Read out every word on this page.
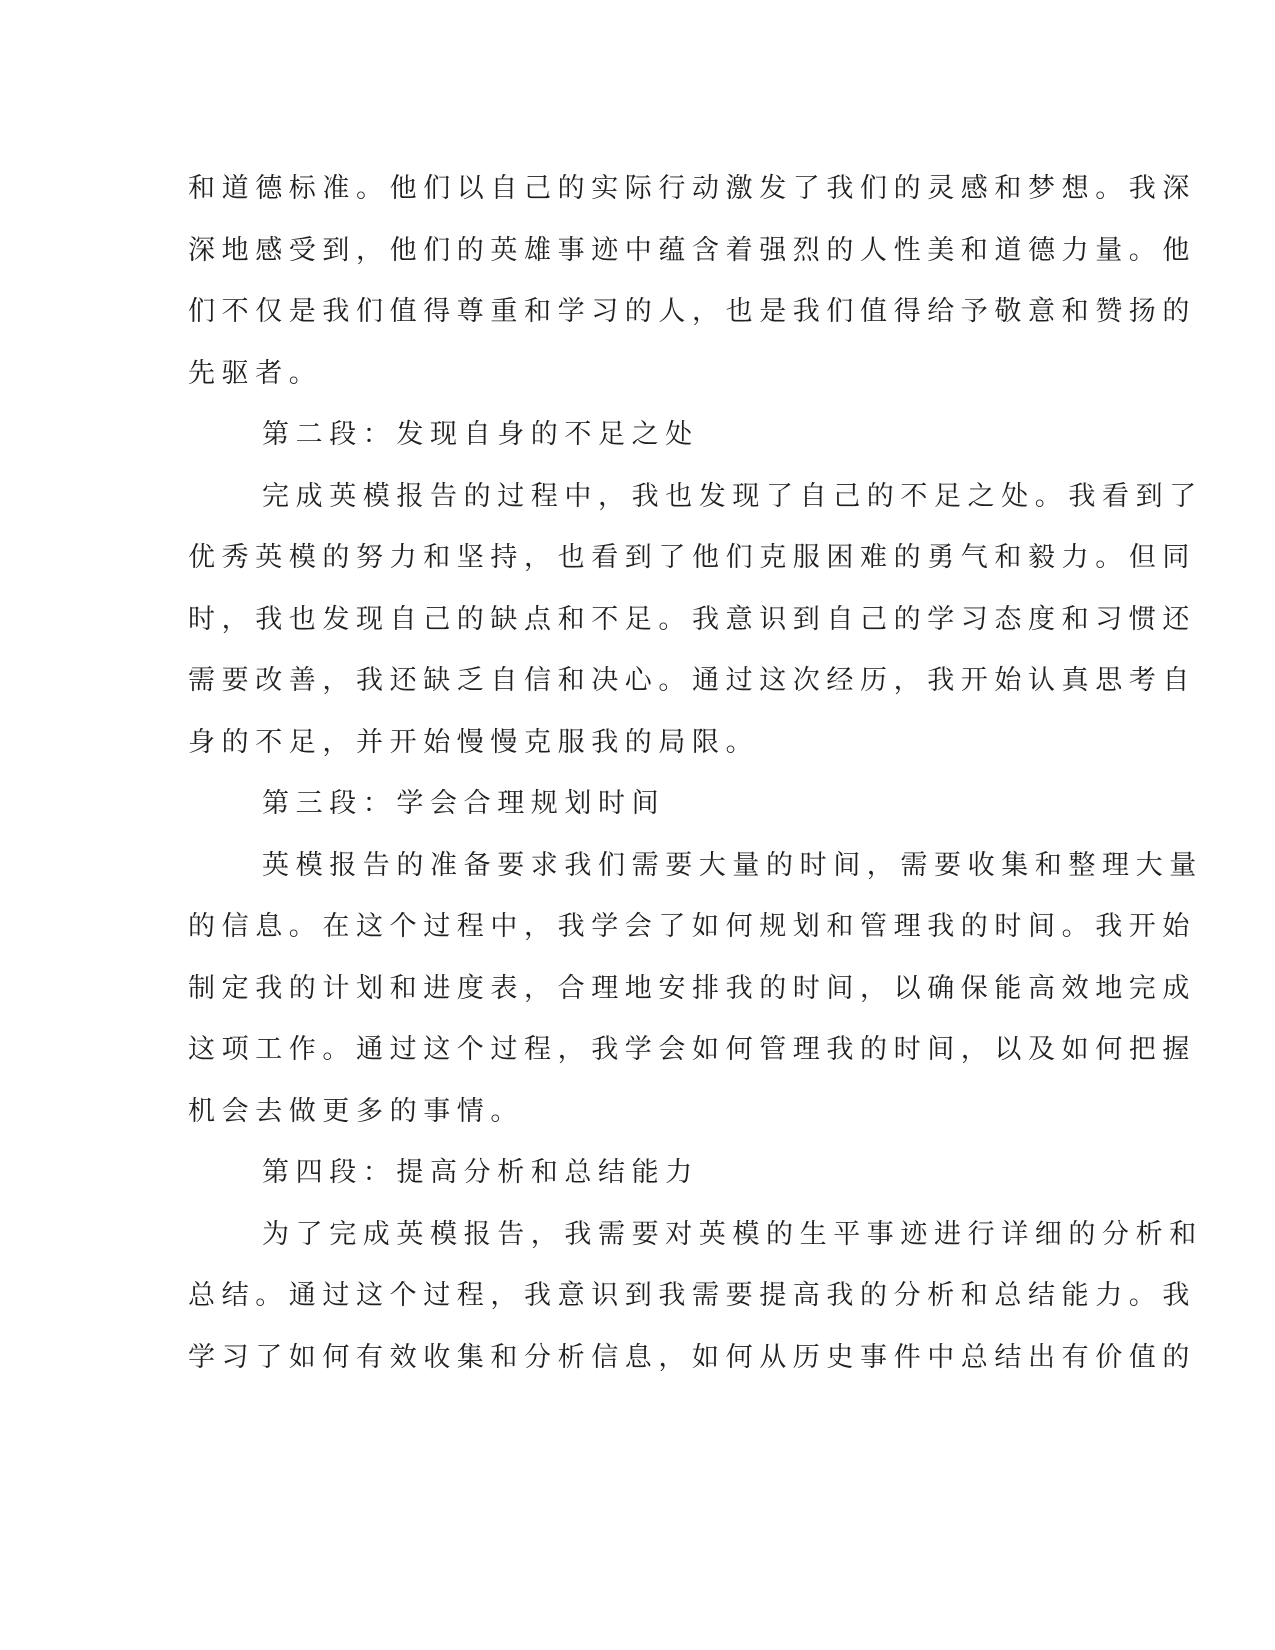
和道德标准。他们以自己的实际行动激发了我们的灵感和梦想。我深
深地感受到，他们的英雄事迹中蕴含着强烈的人性美和道德力量。他
们不仅是我们值得尊重和学习的人，也是我们值得给予敬意和赞扬的
先驱者。
第二段：发现自身的不足之处
完成英模报告的过程中，我也发现了自己的不足之处。我看到了
优秀英模的努力和坚持，也看到了他们克服困难的勇气和毅力。但同
时，我也发现自己的缺点和不足。我意识到自己的学习态度和习惯还
需要改善，我还缺乏自信和决心。通过这次经历，我开始认真思考自
身的不足，并开始慢慢克服我的局限。
第三段：学会合理规划时间
英模报告的准备要求我们需要大量的时间，需要收集和整理大量
的信息。在这个过程中，我学会了如何规划和管理我的时间。我开始
制定我的计划和进度表，合理地安排我的时间，以确保能高效地完成
这项工作。通过这个过程，我学会如何管理我的时间，以及如何把握
机会去做更多的事情。
第四段：提高分析和总结能力
为了完成英模报告，我需要对英模的生平事迹进行详细的分析和
总结。通过这个过程，我意识到我需要提高我的分析和总结能力。我
学习了如何有效收集和分析信息，如何从历史事件中总结出有价值的
